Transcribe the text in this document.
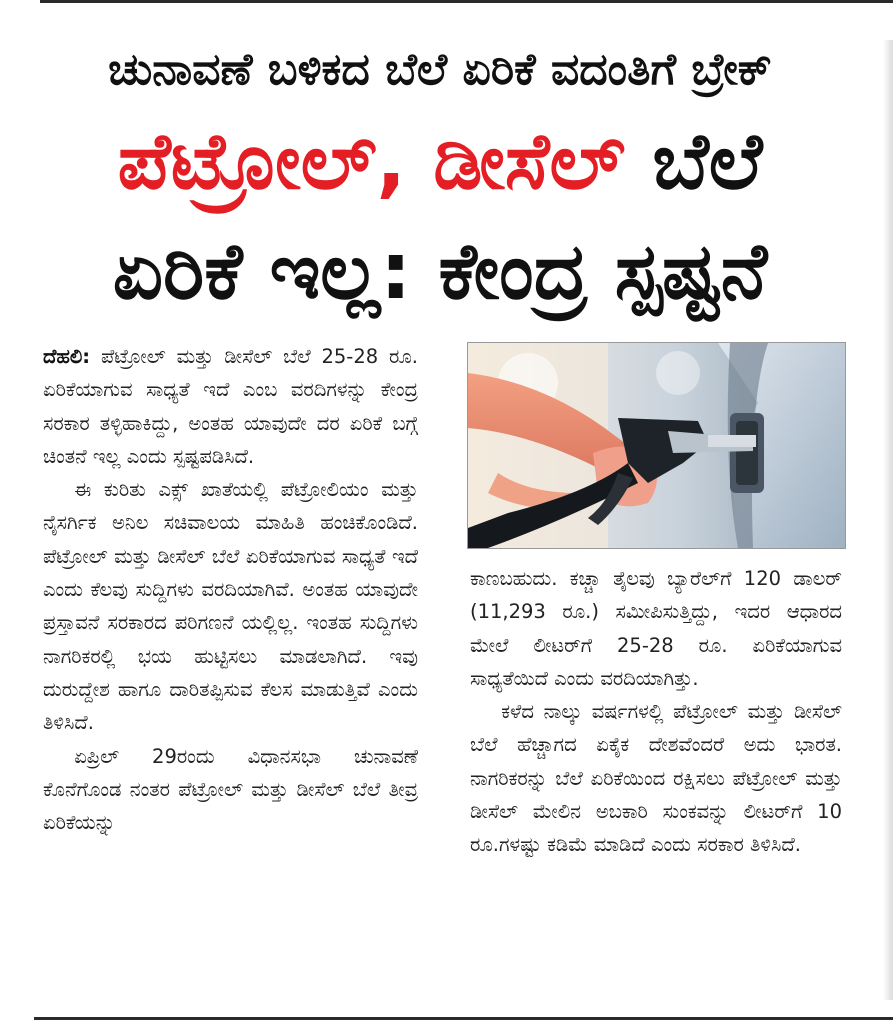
ಚುನಾವಣೆ ಬಳಿಕದ ಬೆಲೆ ಏರಿಕೆ ವದಂತಿಗೆ ಬ್ರೇಕ್
ಪೆಟ್ರೋಲ್, ಡೀಸೆಲ್ ಬೆಲೆ
ಏರಿಕೆ ಇಲ್ಲ: ಕೇಂದ್ರ ಸ್ಪಷ್ಟನೆ

ದೆಹಲಿ: ಪೆಟ್ರೋಲ್ ಮತ್ತು ಡೀಸೆಲ್ ಬೆಲೆ 25-28 ರೂ. ಏರಿಕೆಯಾಗುವ ಸಾಧ್ಯತೆ ಇದೆ ಎಂಬ ವರದಿಗಳನ್ನು ಕೇಂದ್ರ ಸರಕಾರ ತಳ್ಳಿಹಾಕಿದ್ದು, ಅಂತಹ ಯಾವುದೇ ದರ ಏರಿಕೆ ಬಗ್ಗೆ ಚಿಂತನೆ ಇಲ್ಲ ಎಂದು ಸ್ಪಷ್ಟಪಡಿಸಿದೆ.

ಈ ಕುರಿತು ಎಕ್ಸ್ ಖಾತೆಯಲ್ಲಿ ಪೆಟ್ರೋಲಿಯಂ ಮತ್ತು ನೈಸರ್ಗಿಕ ಅನಿಲ ಸಚಿವಾಲಯ ಮಾಹಿತಿ ಹಂಚಿಕೊಂಡಿದೆ. ಪೆಟ್ರೋಲ್ ಮತ್ತು ಡೀಸೆಲ್ ಬೆಲೆ ಏರಿಕೆಯಾಗುವ ಸಾಧ್ಯತೆ ಇದೆ ಎಂದು ಕೆಲವು ಸುದ್ದಿಗಳು ವರದಿಯಾಗಿವೆ. ಅಂತಹ ಯಾವುದೇ ಪ್ರಸ್ತಾವನೆ ಸರಕಾರದ ಪರಿಗಣನೆ ಯಲ್ಲಿಲ್ಲ. ಇಂತಹ ಸುದ್ದಿಗಳು ನಾಗರಿಕರಲ್ಲಿ ಭಯ ಹುಟ್ಟಿಸಲು ಮಾಡಲಾಗಿದೆ. ಇವು ದುರುದ್ದೇಶ ಹಾಗೂ ದಾರಿತಪ್ಪಿಸುವ ಕೆಲಸ ಮಾಡುತ್ತಿವೆ ಎಂದು ತಿಳಿಸಿದೆ.

ಏಪ್ರಿಲ್ 29ರಂದು ವಿಧಾನಸಭಾ ಚುನಾವಣೆ ಕೊನೆಗೊಂಡ ನಂತರ ಪೆಟ್ರೋಲ್ ಮತ್ತು ಡೀಸೆಲ್ ಬೆಲೆ ತೀವ್ರ ಏರಿಕೆಯನ್ನು

ಕಾಣಬಹುದು. ಕಚ್ಚಾ ತೈಲವು ಬ್ಯಾರೆಲ್‌ಗೆ 120 ಡಾಲರ್ (11,293 ರೂ.) ಸಮೀಪಿಸುತ್ತಿದ್ದು, ಇದರ ಆಧಾರದ ಮೇಲೆ ಲೀಟರ್‌ಗೆ 25-28 ರೂ. ಏರಿಕೆಯಾಗುವ ಸಾಧ್ಯತೆಯಿದೆ ಎಂದು ವರದಿಯಾಗಿತ್ತು.

ಕಳೆದ ನಾಲ್ಕು ವರ್ಷಗಳಲ್ಲಿ ಪೆಟ್ರೋಲ್ ಮತ್ತು ಡೀಸೆಲ್ ಬೆಲೆ ಹೆಚ್ಚಾಗದ ಏಕೈಕ ದೇಶವೆಂದರೆ ಅದು ಭಾರತ. ನಾಗರಿಕರನ್ನು ಬೆಲೆ ಏರಿಕೆಯಿಂದ ರಕ್ಷಿಸಲು ಪೆಟ್ರೋಲ್ ಮತ್ತು ಡೀಸೆಲ್ ಮೇಲಿನ ಅಬಕಾರಿ ಸುಂಕವನ್ನು ಲೀಟರ್‌ಗೆ 10 ರೂ.ಗಳಷ್ಟು ಕಡಿಮೆ ಮಾಡಿದೆ ಎಂದು ಸರಕಾರ ತಿಳಿಸಿದೆ.
